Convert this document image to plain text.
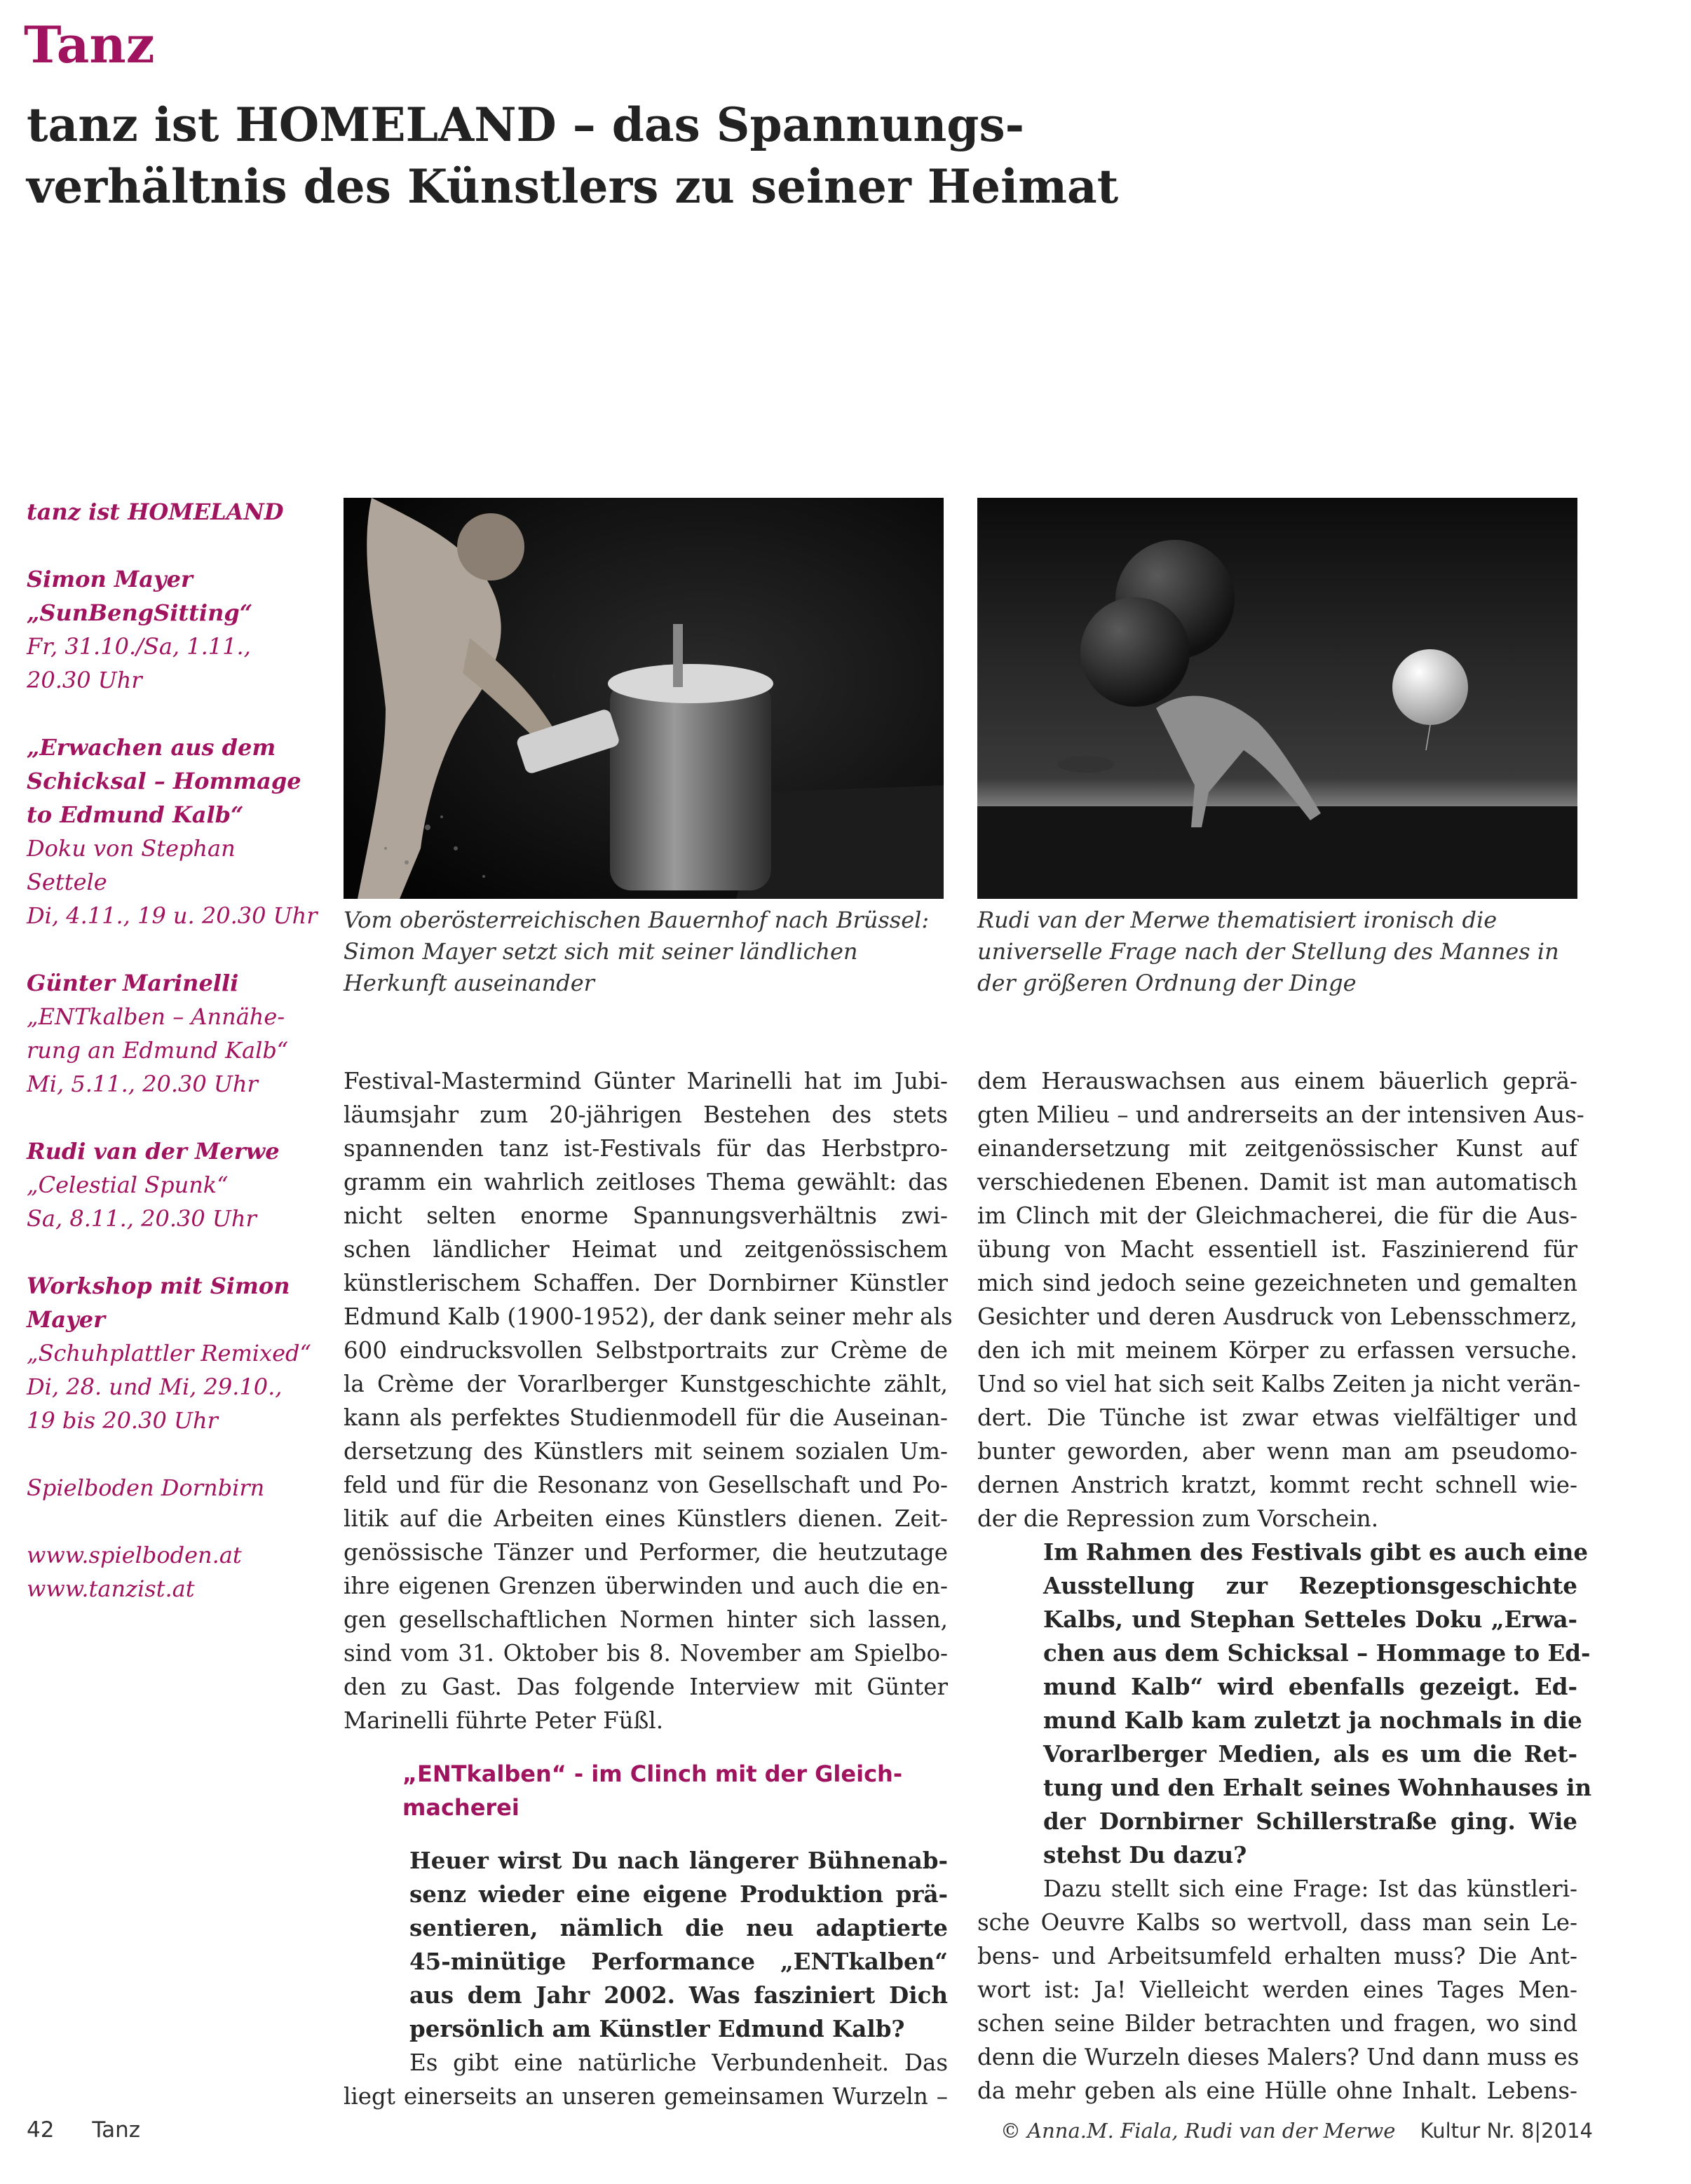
Tanz
tanz ist HOMELAND – das Spannungs-
verhältnis des Künstlers zu seiner Heimat
tanz ist HOMELAND
Simon Mayer
„SunBengSitting“
Fr, 31.10./Sa, 1.11.,
20.30 Uhr
„Erwachen aus dem
Schicksal – Hommage
to Edmund Kalb“
Doku von Stephan
Settele
Di, 4.11., 19 u. 20.30 Uhr
Günter Marinelli
„ENTkalben – Annähe-
rung an Edmund Kalb“
Mi, 5.11., 20.30 Uhr
Rudi van der Merwe
„Celestial Spunk“
Sa, 8.11., 20.30 Uhr
Workshop mit Simon
Mayer
„Schuhplattler Remixed“
Di, 28. und Mi, 29.10.,
19 bis 20.30 Uhr
Spielboden Dornbirn
www.spielboden.at
www.tanzist.at

Vom oberösterreichischen Bauernhof nach Brüssel:
Simon Mayer setzt sich mit seiner ländlichen
Herkunft auseinander

Rudi van der Merwe thematisiert ironisch die
universelle Frage nach der Stellung des Mannes in
der größeren Ordnung der Dinge

Festival-Mastermind Günter Marinelli hat im Jubi-
läumsjahr zum 20-jährigen Bestehen des stets
spannenden tanz ist-Festivals für das Herbstpro-
gramm ein wahrlich zeitloses Thema gewählt: das
nicht selten enorme Spannungsverhältnis zwi-
schen ländlicher Heimat und zeitgenössischem
künstlerischem Schaffen. Der Dornbirner Künstler
Edmund Kalb (1900-1952), der dank seiner mehr als
600 eindrucksvollen Selbstportraits zur Crème de
la Crème der Vorarlberger Kunstgeschichte zählt,
kann als perfektes Studienmodell für die Auseinan-
dersetzung des Künstlers mit seinem sozialen Um-
feld und für die Resonanz von Gesellschaft und Po-
litik auf die Arbeiten eines Künstlers dienen. Zeit-
genössische Tänzer und Performer, die heutzutage
ihre eigenen Grenzen überwinden und auch die en-
gen gesellschaftlichen Normen hinter sich lassen,
sind vom 31. Oktober bis 8. November am Spielbo-
den zu Gast. Das folgende Interview mit Günter
Marinelli führte Peter Füßl.
„ENTkalben“ - im Clinch mit der Gleich-
macherei
Heuer wirst Du nach längerer Bühnenab-
senz wieder eine eigene Produktion prä-
sentieren, nämlich die neu adaptierte
45-minütige Performance „ENTkalben“
aus dem Jahr 2002. Was fasziniert Dich
persönlich am Künstler Edmund Kalb?
Es gibt eine natürliche Verbundenheit. Das
liegt einerseits an unseren gemeinsamen Wurzeln –
dem Herauswachsen aus einem bäuerlich geprä-
gten Milieu – und andrerseits an der intensiven Aus-
einandersetzung mit zeitgenössischer Kunst auf
verschiedenen Ebenen. Damit ist man automatisch
im Clinch mit der Gleichmacherei, die für die Aus-
übung von Macht essentiell ist. Faszinierend für
mich sind jedoch seine gezeichneten und gemalten
Gesichter und deren Ausdruck von Lebensschmerz,
den ich mit meinem Körper zu erfassen versuche.
Und so viel hat sich seit Kalbs Zeiten ja nicht verän-
dert. Die Tünche ist zwar etwas vielfältiger und
bunter geworden, aber wenn man am pseudomo-
dernen Anstrich kratzt, kommt recht schnell wie-
der die Repression zum Vorschein.
Im Rahmen des Festivals gibt es auch eine
Ausstellung zur Rezeptionsgeschichte
Kalbs, und Stephan Setteles Doku „Erwa-
chen aus dem Schicksal – Hommage to Ed-
mund Kalb“ wird ebenfalls gezeigt. Ed-
mund Kalb kam zuletzt ja nochmals in die
Vorarlberger Medien, als es um die Ret-
tung und den Erhalt seines Wohnhauses in
der Dornbirner Schillerstraße ging. Wie
stehst Du dazu?
Dazu stellt sich eine Frage: Ist das künstleri-
sche Oeuvre Kalbs so wertvoll, dass man sein Le-
bens- und Arbeitsumfeld erhalten muss? Die Ant-
wort ist: Ja! Vielleicht werden eines Tages Men-
schen seine Bilder betrachten und fragen, wo sind
denn die Wurzeln dieses Malers? Und dann muss es
da mehr geben als eine Hülle ohne Inhalt. Lebens-
42 Tanz	© Anna.M. Fiala, Rudi van der Merwe Kultur Nr. 8|2014
